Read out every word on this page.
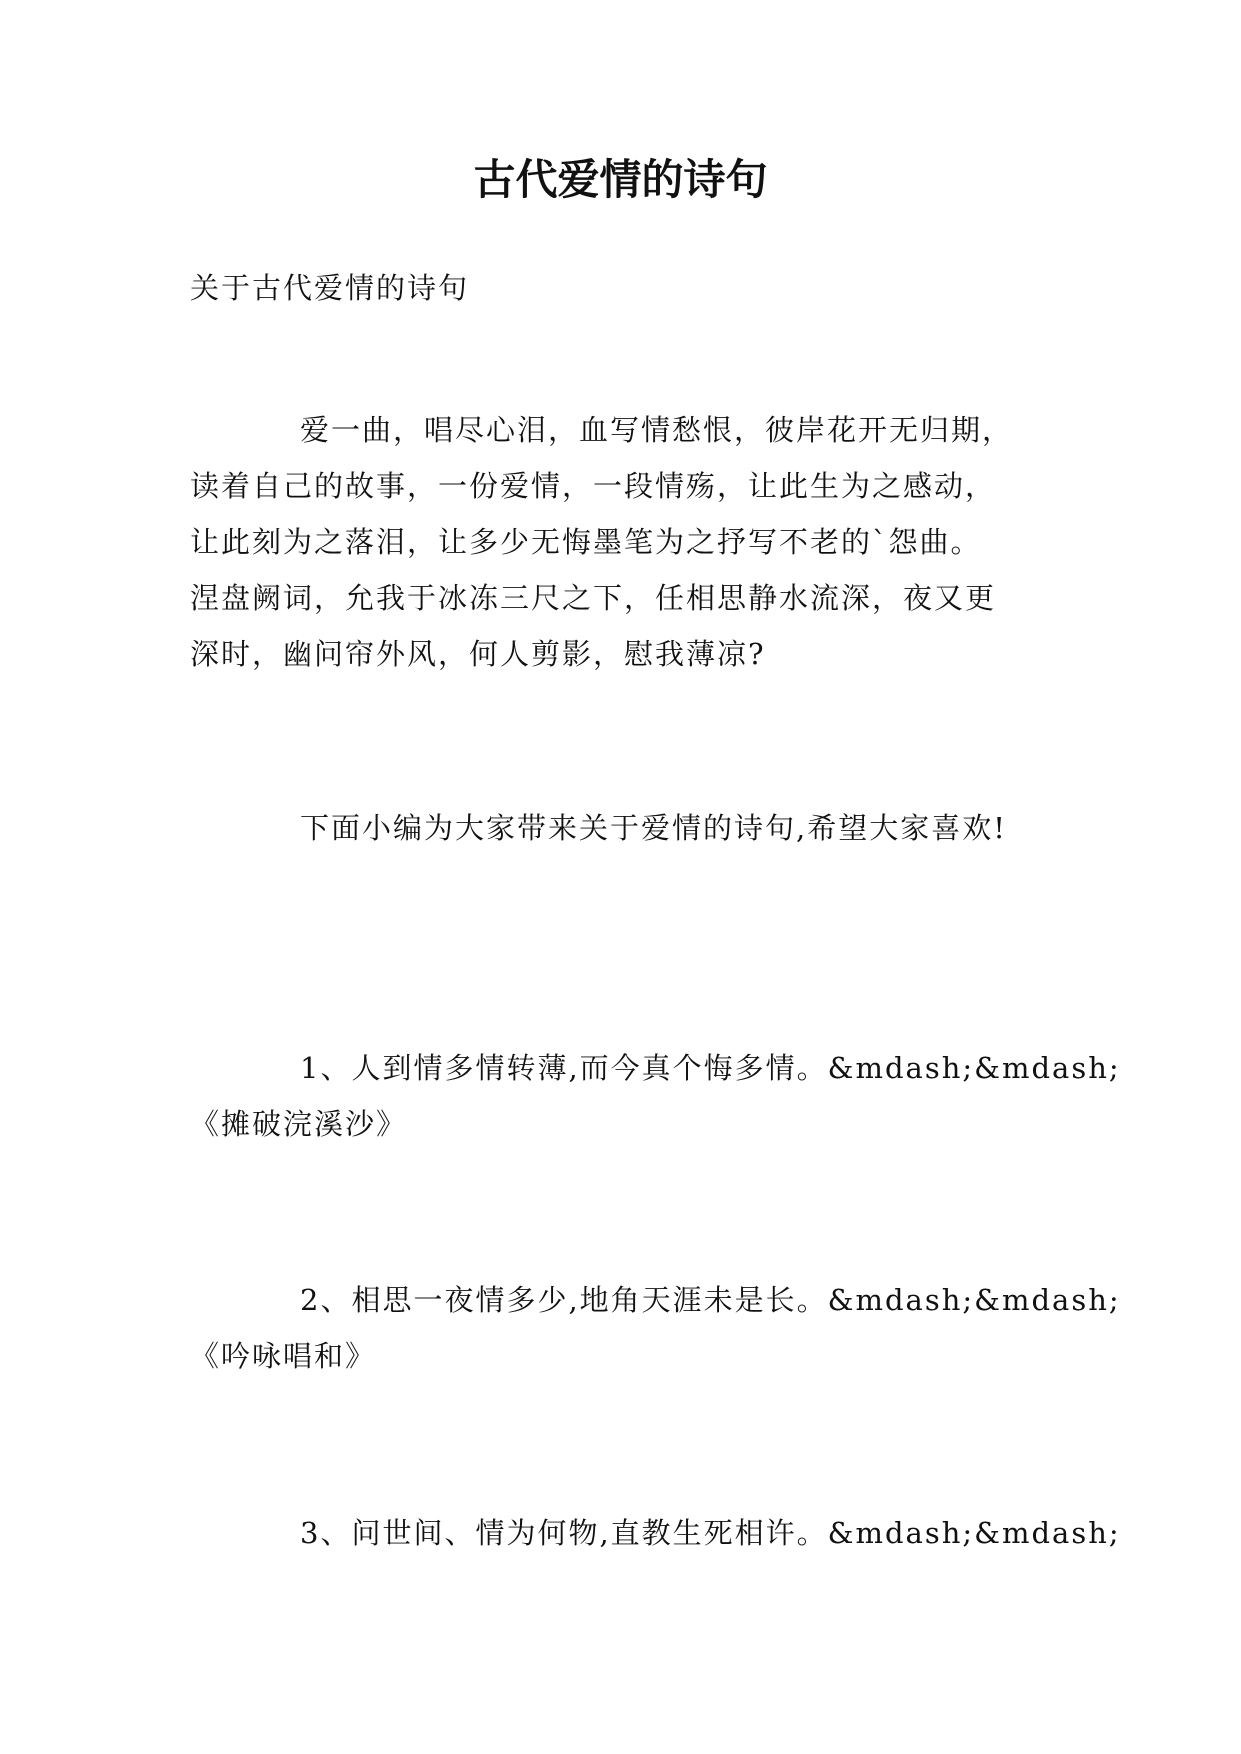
古代爱情的诗句

关于古代爱情的诗句

爱一曲，唱尽心泪，血写情愁恨，彼岸花开无归期，
读着自己的故事，一份爱情，一段情殇，让此生为之感动，
让此刻为之落泪，让多少无悔墨笔为之抒写不老的`怨曲。
涅盘阙词，允我于冰冻三尺之下，任相思静水流深，夜又更
深时，幽问帘外风，何人剪影，慰我薄凉?

下面小编为大家带来关于爱情的诗句,希望大家喜欢!

1、人到情多情转薄,而今真个悔多情。&mdash;&mdash;
《摊破浣溪沙》
2、相思一夜情多少,地角天涯未是长。&mdash;&mdash;
《吟咏唱和》
3、问世间、情为何物,直教生死相许。&mdash;&mdash;
